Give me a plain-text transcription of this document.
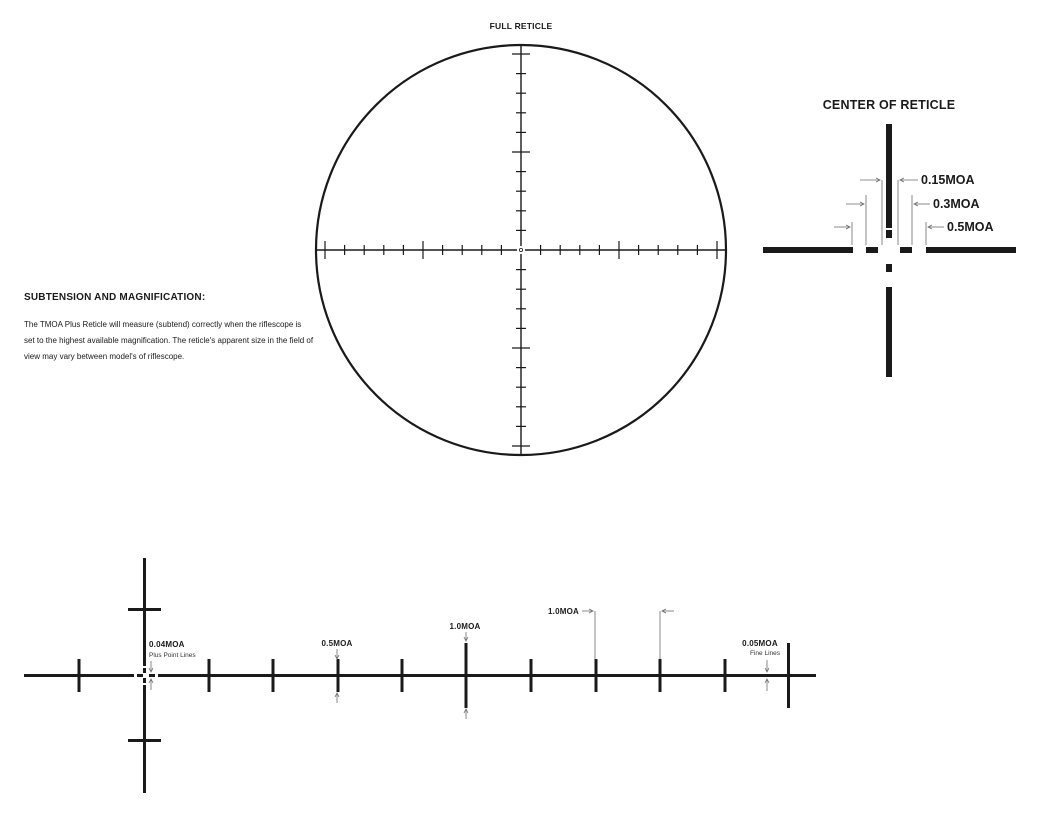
FULL RETICLE
CENTER OF RETICLE
0.15MOA
0.3MOA
0.5MOA
0.04MOA
Plus Point Lines
0.5MOA
1.0MOA
1.0MOA
0.05MOA
Fine Lines
SUBTENSION AND MAGNIFICATION:

The TMOA Plus Reticle will measure (subtend) correctly when the riflescope is set to the highest available magnification. The reticle's apparent size in the field of view may vary between model's of riflescope.
